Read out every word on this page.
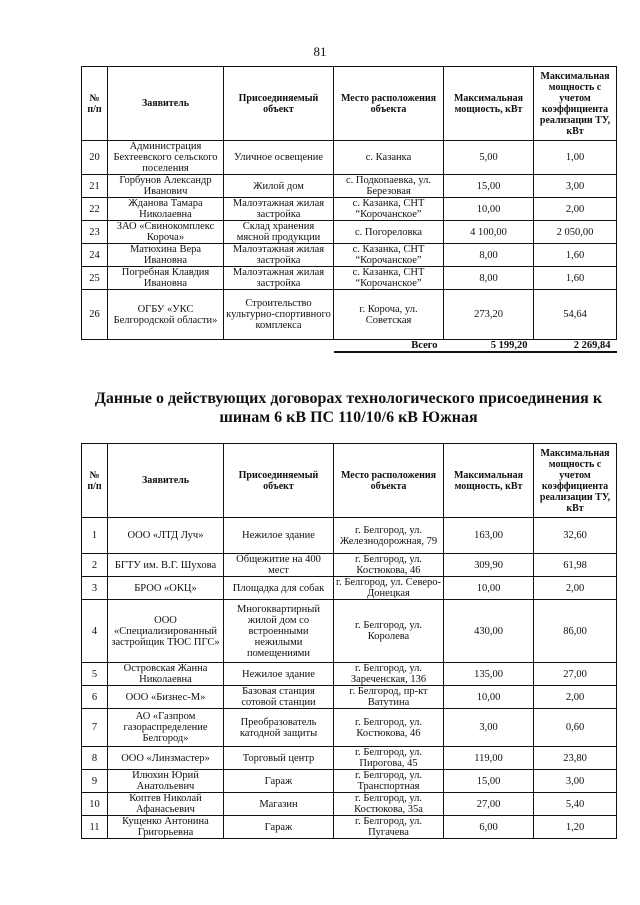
81
№ п/п	Заявитель	Присоединяемый объект	Место расположения объекта	Максимальная мощность, кВт	Максимальная мощность с учетом коэффициента реализации ТУ, кВт
20	Администрация Бехтеевского сельского поселения	Уличное освещение	с. Казанка	5,00	1,00
21	Горбунов Александр Иванович	Жилой дом	с. Подкопаевка, ул. Березовая	15,00	3,00
22	Жданова Тамара Николаевна	Малоэтажная жилая застройка	с. Казанка, СНТ “Корочанское”	10,00	2,00
23	ЗАО «Свинокомплекс Короча»	Склад хранения мясной продукции	с. Погореловка	4 100,00	2 050,00
24	Матюхина Вера Ивановна	Малоэтажная жилая застройка	с. Казанка, СНТ “Корочанское”	8,00	1,60
25	Погребная Клавдия Ивановна	Малоэтажная жилая застройка	с. Казанка, СНТ “Корочанское”	8,00	1,60
26	ОГБУ «УКС Белгородской области»	Строительство культурно-спортивного комплекса	г. Короча, ул. Советская	273,20	54,64
			Всего	5 199,20	2 269,84
Данные о действующих договорах технологического присоединения к шинам 6 кВ ПС 110/10/6 кВ Южная
№ п/п	Заявитель	Присоединяемый объект	Место расположения объекта	Максимальная мощность, кВт	Максимальная мощность с учетом коэффициента реализации ТУ, кВт
1	ООО «ЛТД Луч»	Нежилое здание	г. Белгород, ул. Железнодорожная, 79	163,00	32,60
2	БГТУ им. В.Г. Шухова	Общежитие на 400 мест	г. Белгород, ул. Костюкова, 46	309,90	61,98
3	БРОО «ОКЦ»	Площадка для собак	г. Белгород, ул. Северо-Донецкая	10,00	2,00
4	ООО «Специализированный застройщик ТЮС ПГС»	Многоквартирный жилой дом со встроенными нежилыми помещениями	г. Белгород, ул. Королева	430,00	86,00
5	Островская Жанна Николаевна	Нежилое здание	г. Белгород, ул. Зареченская, 136	135,00	27,00
6	ООО «Бизнес-М»	Базовая станция сотовой станции	г. Белгород, пр-кт Ватутина	10,00	2,00
7	АО «Газпром газораспределение Белгород»	Преобразователь катодной защиты	г. Белгород, ул. Костюкова, 46	3,00	0,60
8	ООО «Линзмастер»	Торговый центр	г. Белгород, ул. Пирогова, 45	119,00	23,80
9	Илюхин Юрий Анатольевич	Гараж	г. Белгород, ул. Транспортная	15,00	3,00
10	Коптев Николай Афанасьевич	Магазин	г. Белгород, ул. Костюкова, 35а	27,00	5,40
11	Кущенко Антонина Григорьевна	Гараж	г. Белгород, ул. Пугачева	6,00	1,20
